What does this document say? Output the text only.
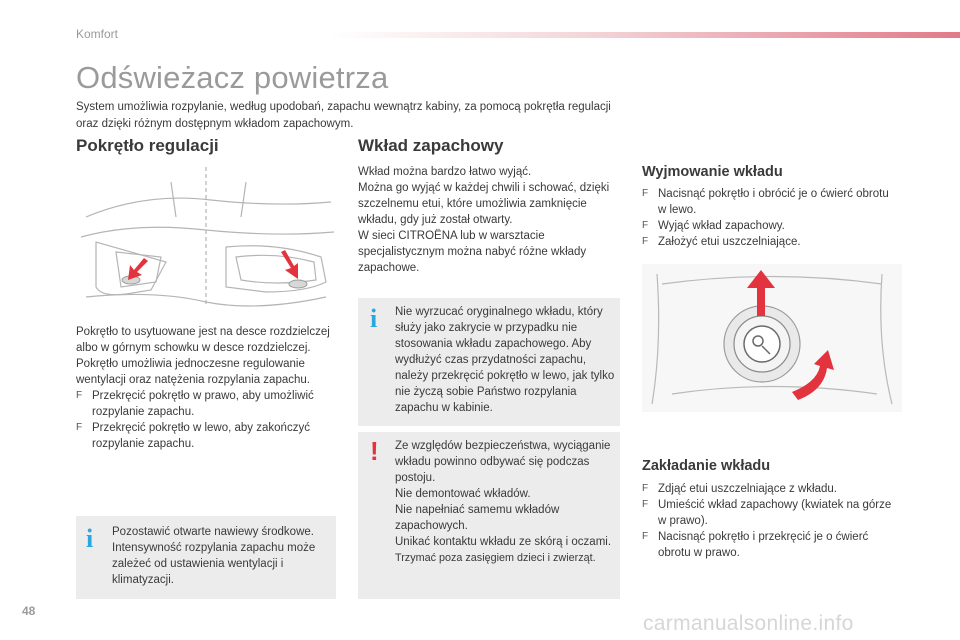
Komfort
Odświeżacz powietrza
System umożliwia rozpylanie, według upodobań, zapachu wewnątrz kabiny, za pomocą pokrętła regulacji oraz dzięki różnym dostępnym wkładom zapachowym.
Pokrętło regulacji

Pokrętło to usytuowane jest na desce rozdzielczej albo w górnym schowku w desce rozdzielczej.

Pokrętło umożliwia jednoczesne regulowanie wentylacji oraz natężenia rozpylania zapachu.

F Przekręcić pokrętło w prawo, aby umożliwić rozpylanie zapachu.
F Przekręcić pokrętło w lewo, aby zakończyć rozpylanie zapachu.
i Pozostawić otwarte nawiewy środkowe. Intensywność rozpylania zapachu może zależeć od ustawienia wentylacji i klimatyzacji.
Wkład zapachowy

Wkład można bardzo łatwo wyjąć.

Można go wyjąć w każdej chwili i schować, dzięki szczelnemu etui, które umożliwia zamknięcie wkładu, gdy już został otwarty.

W sieci CITROËNA lub w warsztacie specjalistycznym można nabyć różne wkłady zapachowe.

i Nie wyrzucać oryginalnego wkładu, który służy jako zakrycie w przypadku nie stosowania wkładu zapachowego. Aby wydłużyć czas przydatności zapachu, należy przekręcić pokrętło w lewo, jak tylko nie życzą sobie Państwo rozpylania zapachu w kabinie.
! Ze względów bezpieczeństwa, wyciąganie wkładu powinno odbywać się podczas postoju.

Nie demontować wkładów.

Nie napełniać samemu wkładów zapachowych.

Unikać kontaktu wkładu ze skórą i oczami.

Trzymać poza zasięgiem dzieci i zwierząt.

Wyjmowanie wkładu
F Nacisnąć pokrętło i obrócić je o ćwierć obrotu w lewo.
F Wyjąć wkład zapachowy.
F Założyć etui uszczelniające.
Zakładanie wkładu
F Zdjąć etui uszczelniające z wkładu.
F Umieścić wkład zapachowy (kwiatek na górze w prawo).
F Nacisnąć pokrętło i przekręcić je o ćwierć obrotu w prawo.
48
carmanualsonline.info
